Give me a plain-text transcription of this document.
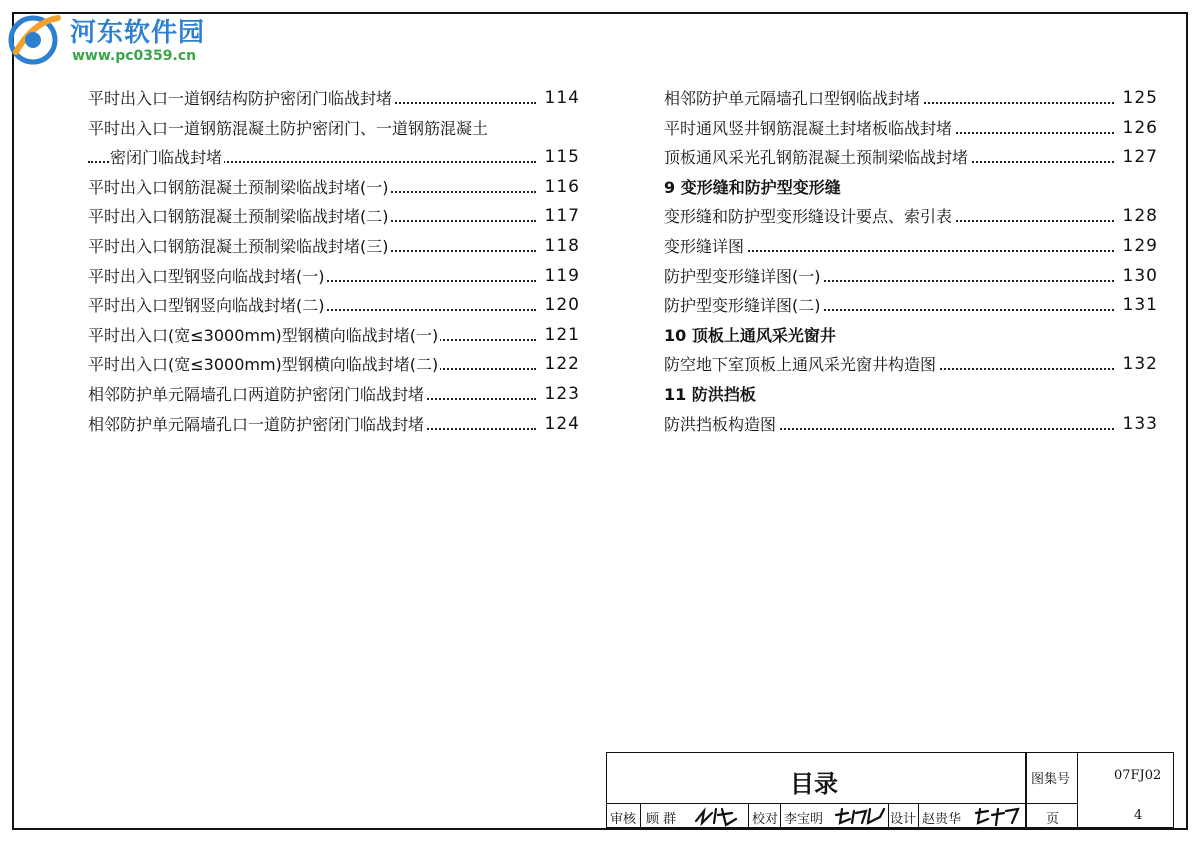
河东软件园
www.pc0359.cn
平时出入口一道钢结构防护密闭门临战封堵	114
平时出入口一道钢筋混凝土防护密闭门、一道钢筋混凝土
密闭门临战封堵	115
平时出入口钢筋混凝土预制梁临战封堵(一)	116
平时出入口钢筋混凝土预制梁临战封堵(二)	117
平时出入口钢筋混凝土预制梁临战封堵(三)	118
平时出入口型钢竖向临战封堵(一)	119
平时出入口型钢竖向临战封堵(二)	120
平时出入口(宽≤3000mm)型钢横向临战封堵(一)	121
平时出入口(宽≤3000mm)型钢横向临战封堵(二)	122
相邻防护单元隔墙孔口两道防护密闭门临战封堵	123
相邻防护单元隔墙孔口一道防护密闭门临战封堵	124
相邻防护单元隔墙孔口型钢临战封堵	125
平时通风竖井钢筋混凝土封堵板临战封堵	126
顶板通风采光孔钢筋混凝土预制梁临战封堵	127
9 变形缝和防护型变形缝
变形缝和防护型变形缝设计要点、索引表	128
变形缝详图	129
防护型变形缝详图(一)	130
防护型变形缝详图(二)	131
10 顶板上通风采光窗井
防空地下室顶板上通风采光窗井构造图	132
11 防洪挡板
防洪挡板构造图	133
目录	图集号	07FJ02
审核 顾 群	校对 李宝明	设计 赵贵华	页	4
